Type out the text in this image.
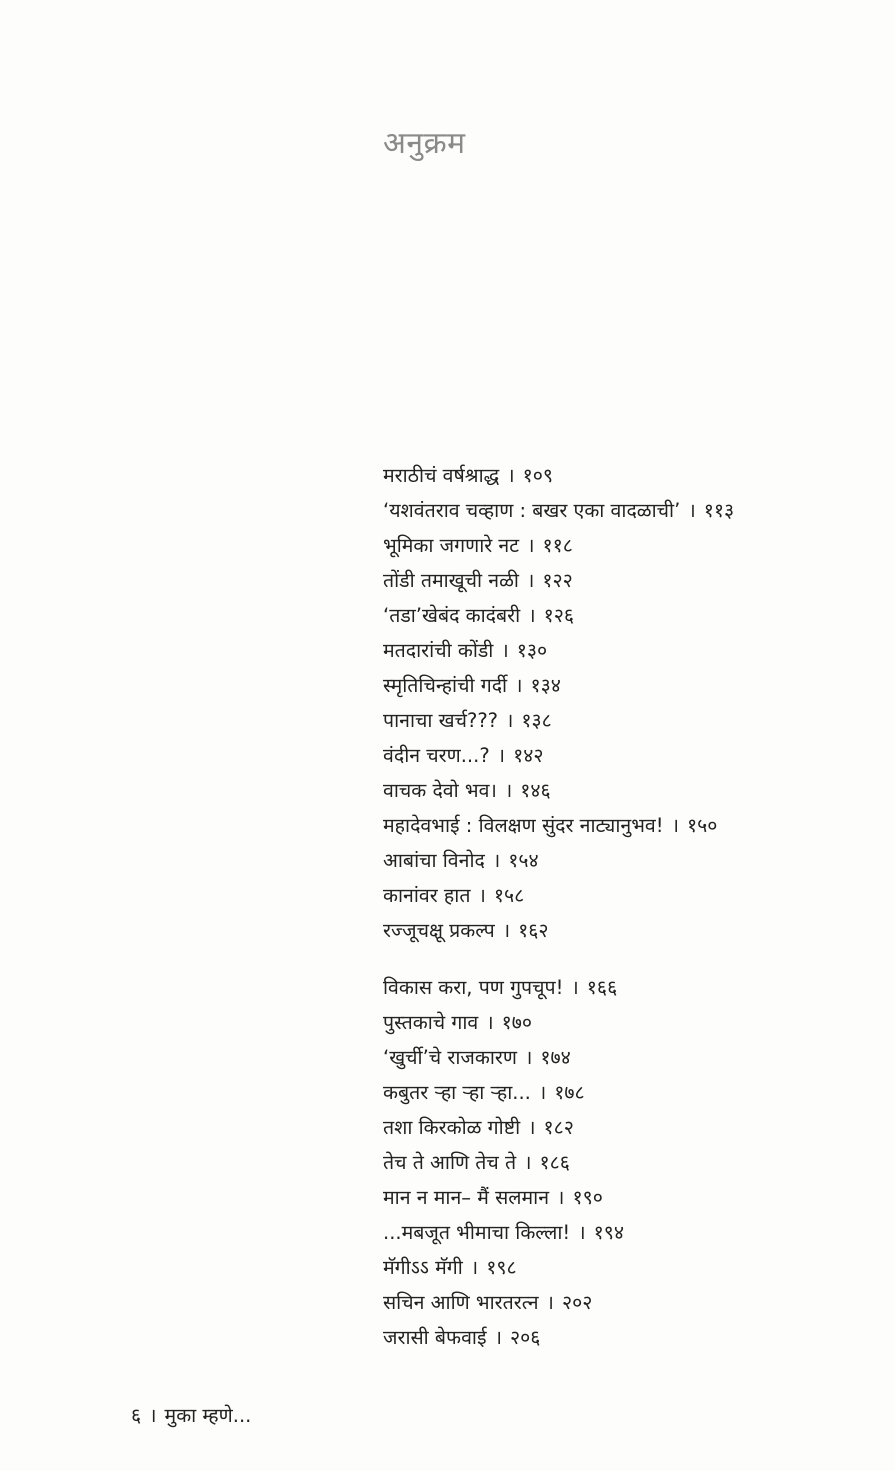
अनुक्रम
मराठीचं वर्षश्राद्ध । १०९
‘यशवंतराव चव्हाण : बखर एका वादळाची’ । ११३
भूमिका जगणारे नट । ११८
तोंडी तमाखूची नळी । १२२
‘तडा’खेबंद कादंबरी । १२६
मतदारांची कोंडी । १३०
स्मृतिचिन्हांची गर्दी । १३४
पानाचा खर्च??? । १३८
वंदीन चरण...? । १४२
वाचक देवो भव। । १४६
महादेवभाई : विलक्षण सुंदर नाट्यानुभव! । १५०
आबांचा विनोद । १५४
कानांवर हात । १५८
रज्जूचक्षू प्रकल्प । १६२
विकास करा, पण गुपचूप! । १६६
पुस्तकाचे गाव । १७०
‘खुर्ची’चे राजकारण । १७४
कबुतर ऱ्हा ऱ्हा ऱ्हा... । १७८
तशा किरकोळ गोष्टी । १८२
तेच ते आणि तेच ते । १८६
मान न मान– मैं सलमान । १९०
...मबजूत भीमाचा किल्ला! । १९४
मॅगीऽऽ मॅगी । १९८
सचिन आणि भारतरत्न । २०२
जरासी बेफवाई । २०६
६ । मुका म्हणे...
